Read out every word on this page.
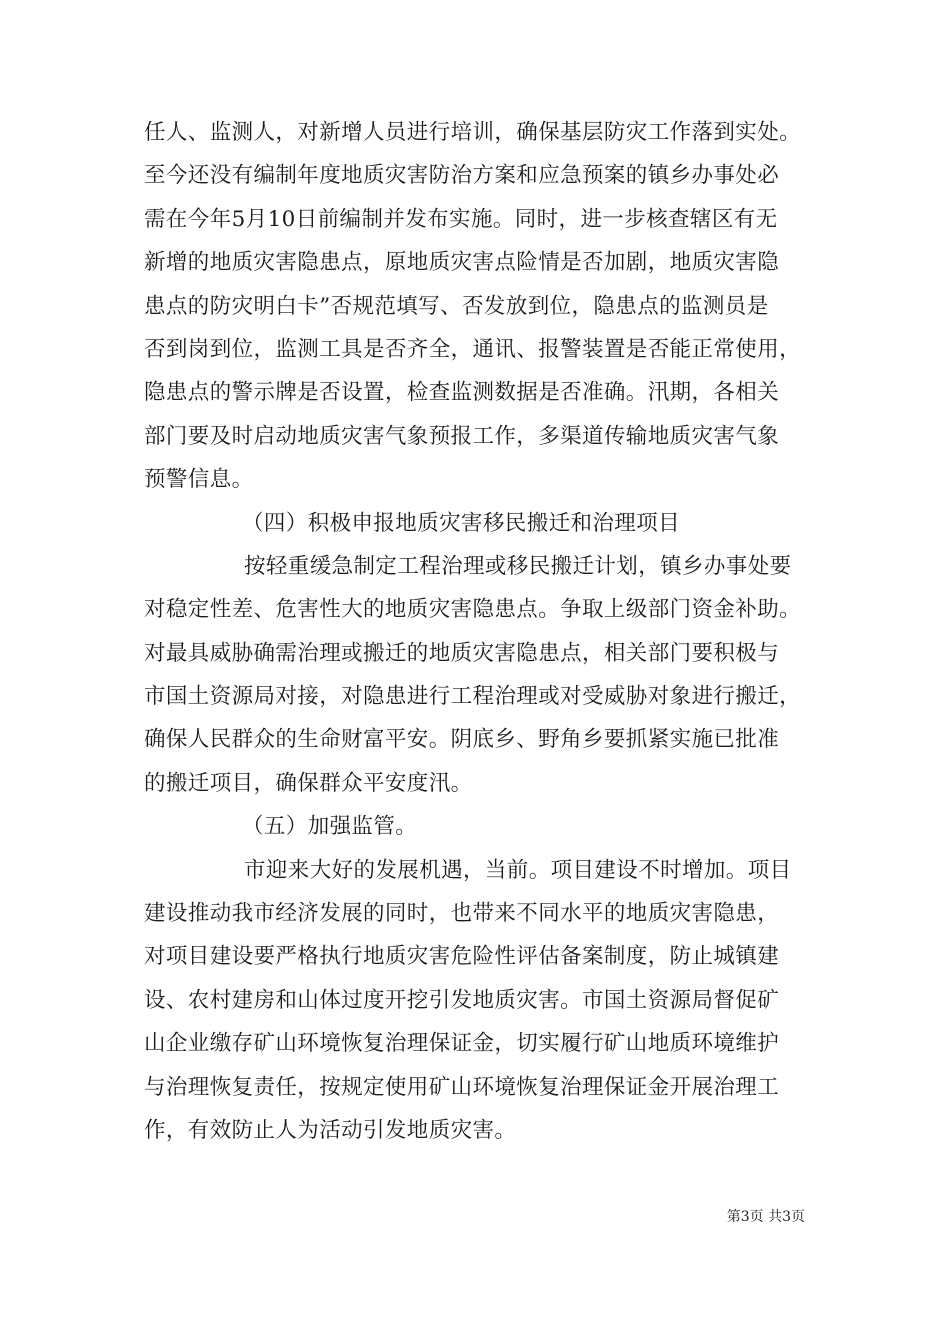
任人、监测人，对新增人员进行培训，确保基层防灾工作落到实处。
至今还没有编制年度地质灾害防治方案和应急预案的镇乡办事处必
需在今年5月10日前编制并发布实施。同时，进一步核查辖区有无
新增的地质灾害隐患点，原地质灾害点险情是否加剧，地质灾害隐
患点的防灾明白卡”否规范填写、否发放到位，隐患点的监测员是
否到岗到位，监测工具是否齐全，通讯、报警装置是否能正常使用，
隐患点的警示牌是否设置，检查监测数据是否准确。汛期，各相关
部门要及时启动地质灾害气象预报工作，多渠道传输地质灾害气象
预警信息。
（四）积极申报地质灾害移民搬迁和治理项目
按轻重缓急制定工程治理或移民搬迁计划，镇乡办事处要
对稳定性差、危害性大的地质灾害隐患点。争取上级部门资金补助。
对最具威胁确需治理或搬迁的地质灾害隐患点，相关部门要积极与
市国土资源局对接，对隐患进行工程治理或对受威胁对象进行搬迁，
确保人民群众的生命财富平安。阴底乡、野角乡要抓紧实施已批准
的搬迁项目，确保群众平安度汛。
（五）加强监管。
市迎来大好的发展机遇，当前。项目建设不时增加。项目
建设推动我市经济发展的同时，也带来不同水平的地质灾害隐患，
对项目建设要严格执行地质灾害危险性评估备案制度，防止城镇建
设、农村建房和山体过度开挖引发地质灾害。市国土资源局督促矿
山企业缴存矿山环境恢复治理保证金，切实履行矿山地质环境维护
与治理恢复责任，按规定使用矿山环境恢复治理保证金开展治理工
作，有效防止人为活动引发地质灾害。
第3页 共3页
